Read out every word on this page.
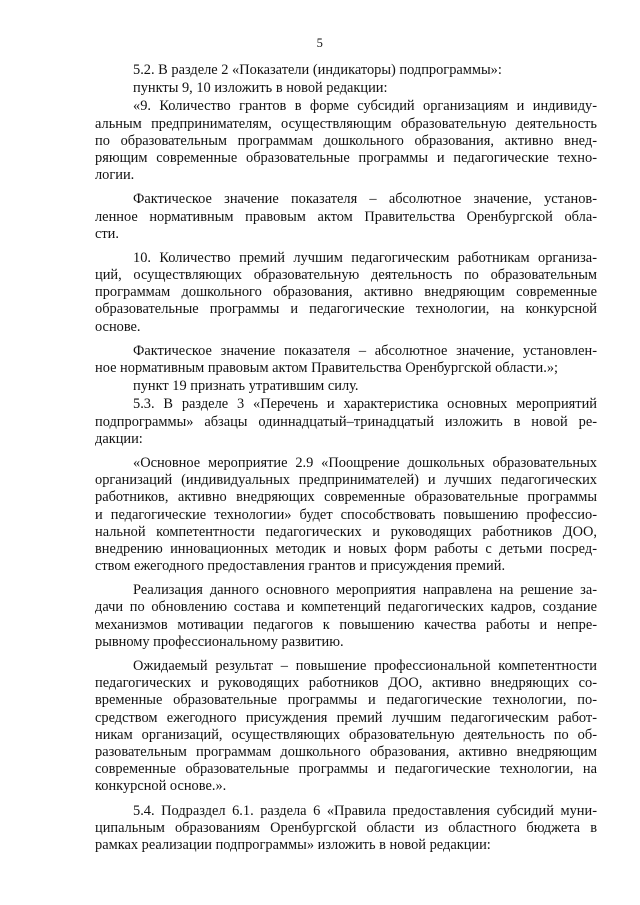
5
5.2. В разделе 2 «Показатели (индикаторы) подпрограммы»:
пункты 9, 10 изложить в новой редакции:
«9. Количество грантов в форме субсидий организациям и индивиду-
альным предпринимателям, осуществляющим образовательную деятельность
по образовательным программам дошкольного образования, активно внед-
ряющим современные образовательные программы и педагогические техно-
логии.
Фактическое значение показателя – абсолютное значение, установ-
ленное нормативным правовым актом Правительства Оренбургской обла-
сти.
10. Количество премий лучшим педагогическим работникам организа-
ций, осуществляющих образовательную деятельность по образовательным
программам дошкольного образования, активно внедряющим современные
образовательные программы и педагогические технологии, на конкурсной
основе.
Фактическое значение показателя – абсолютное значение, установлен-
ное нормативным правовым актом Правительства Оренбургской области.»;
пункт 19 признать утратившим силу.
5.3. В разделе 3 «Перечень и характеристика основных мероприятий
подпрограммы» абзацы одиннадцатый–тринадцатый изложить в новой ре-
дакции:
«Основное мероприятие 2.9 «Поощрение дошкольных образовательных
организаций (индивидуальных предпринимателей) и лучших педагогических
работников, активно внедряющих современные образовательные программы
и педагогические технологии» будет способствовать повышению профессио-
нальной компетентности педагогических и руководящих работников ДОО,
внедрению инновационных методик и новых форм работы с детьми посред-
ством ежегодного предоставления грантов и присуждения премий.
Реализация данного основного мероприятия направлена на решение за-
дачи по обновлению состава и компетенций педагогических кадров, создание
механизмов мотивации педагогов к повышению качества работы и непре-
рывному профессиональному развитию.
Ожидаемый результат – повышение профессиональной компетентности
педагогических и руководящих работников ДОО, активно внедряющих со-
временные образовательные программы и педагогические технологии, по-
средством ежегодного присуждения премий лучшим педагогическим работ-
никам организаций, осуществляющих образовательную деятельность по об-
разовательным программам дошкольного образования, активно внедряющим
современные образовательные программы и педагогические технологии, на
конкурсной основе.».
5.4. Подраздел 6.1. раздела 6 «Правила предоставления субсидий муни-
ципальным образованиям Оренбургской области из областного бюджета в
рамках реализации подпрограммы» изложить в новой редакции:
